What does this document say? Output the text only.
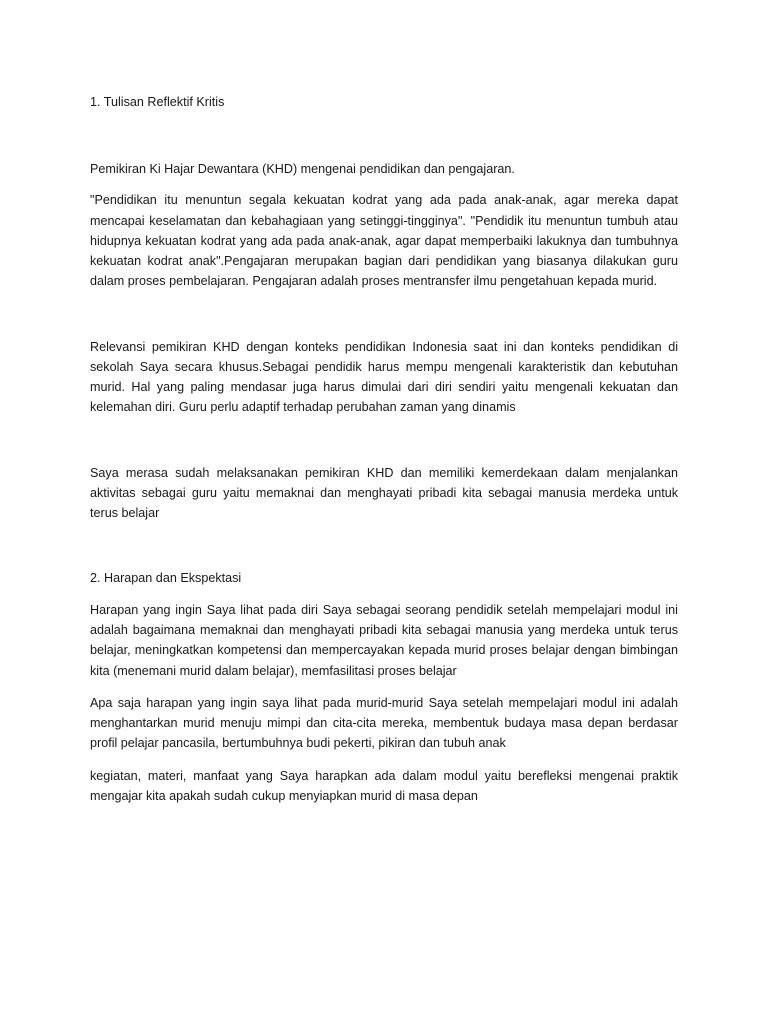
1. Tulisan Reflektif Kritis
Pemikiran Ki Hajar Dewantara (KHD) mengenai pendidikan dan pengajaran.
"Pendidikan itu menuntun segala kekuatan kodrat yang ada pada anak-anak, agar mereka dapat
mencapai keselamatan dan kebahagiaan yang setinggi-tingginya". "Pendidik itu menuntun tumbuh atau
hidupnya kekuatan kodrat yang ada pada anak-anak, agar dapat memperbaiki lakuknya dan tumbuhnya
kekuatan kodrat anak".Pengajaran merupakan bagian dari pendidikan yang biasanya dilakukan guru
dalam proses pembelajaran. Pengajaran adalah proses mentransfer ilmu pengetahuan kepada murid.
Relevansi pemikiran KHD dengan konteks pendidikan Indonesia saat ini dan konteks pendidikan di
sekolah Saya secara khusus.Sebagai pendidik harus mempu mengenali karakteristik dan kebutuhan
murid. Hal yang paling mendasar juga harus dimulai dari diri sendiri yaitu mengenali kekuatan dan
kelemahan diri. Guru perlu adaptif terhadap perubahan zaman yang dinamis
Saya merasa sudah melaksanakan pemikiran KHD dan memiliki kemerdekaan dalam menjalankan
aktivitas sebagai guru yaitu memaknai dan menghayati pribadi kita sebagai manusia merdeka untuk
terus belajar
2. Harapan dan Ekspektasi
Harapan yang ingin Saya lihat pada diri Saya sebagai seorang pendidik setelah mempelajari modul ini
adalah bagaimana memaknai dan menghayati pribadi kita sebagai manusia yang merdeka untuk terus
belajar, meningkatkan kompetensi dan mempercayakan kepada murid proses belajar dengan bimbingan
kita (menemani murid dalam belajar), memfasilitasi proses belajar
Apa saja harapan yang ingin saya lihat pada murid-murid Saya setelah mempelajari modul ini adalah
menghantarkan murid menuju mimpi dan cita-cita mereka, membentuk budaya masa depan berdasar
profil pelajar pancasila, bertumbuhnya budi pekerti, pikiran dan tubuh anak
kegiatan, materi, manfaat yang Saya harapkan ada dalam modul yaitu berefleksi mengenai praktik
mengajar kita apakah sudah cukup menyiapkan murid di masa depan
